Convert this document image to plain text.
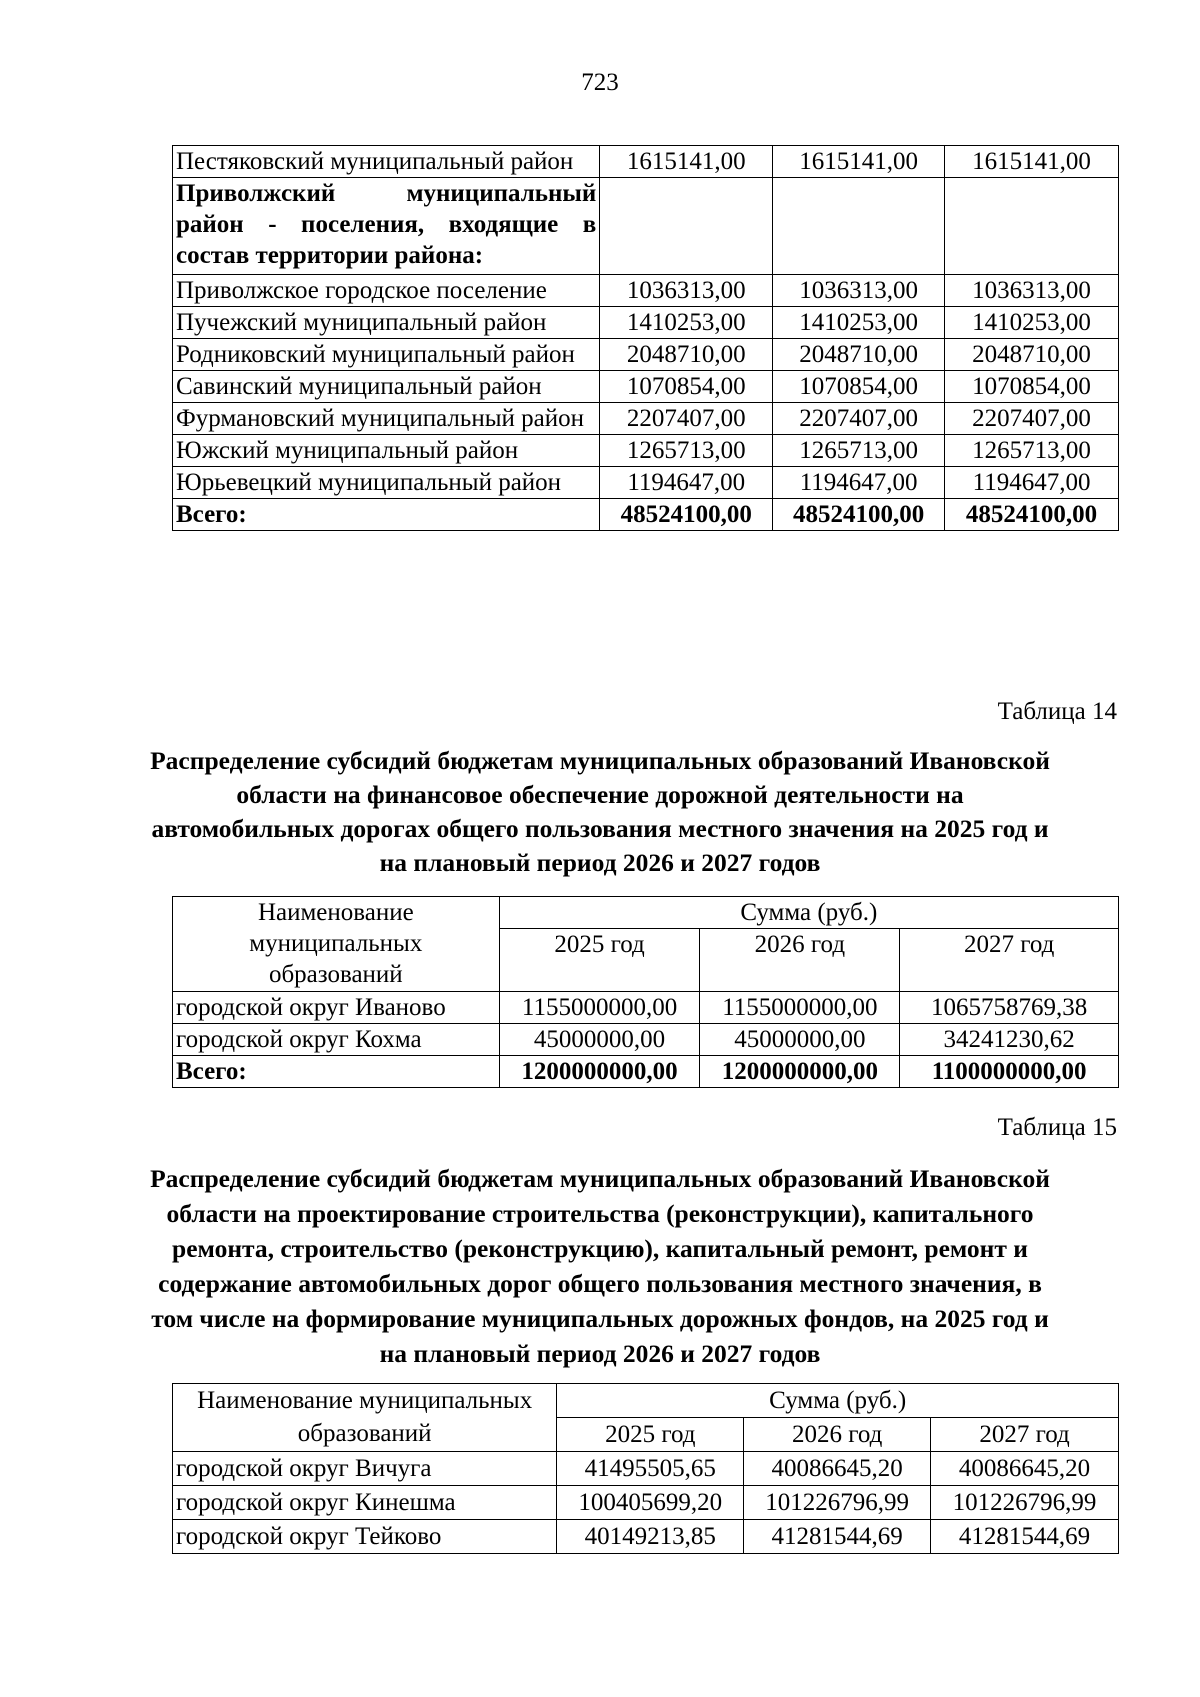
723
Пестяковский муниципальный район	1615141,00	1615141,00	1615141,00
Приволжский муниципальный район - поселения, входящие в состав территории района:			
Приволжское городское поселение	1036313,00	1036313,00	1036313,00
Пучежский муниципальный район	1410253,00	1410253,00	1410253,00
Родниковский муниципальный район	2048710,00	2048710,00	2048710,00
Савинский муниципальный район	1070854,00	1070854,00	1070854,00
Фурмановский муниципальный район	2207407,00	2207407,00	2207407,00
Южский муниципальный район	1265713,00	1265713,00	1265713,00
Юрьевецкий муниципальный район	1194647,00	1194647,00	1194647,00
Всего:	48524100,00	48524100,00	48524100,00
Таблица 14
Распределение субсидий бюджетам муниципальных образований Ивановской области на финансовое обеспечение дорожной деятельности на автомобильных дорогах общего пользования местного значения на 2025 год и на плановый период 2026 и 2027 годов
Наименование муниципальных образований	Сумма (руб.)		
	2025 год	2026 год	2027 год
городской округ Иваново	1155000000,00	1155000000,00	1065758769,38
городской округ Кохма	45000000,00	45000000,00	34241230,62
Всего:	1200000000,00	1200000000,00	1100000000,00
Таблица 15
Распределение субсидий бюджетам муниципальных образований Ивановской области на проектирование строительства (реконструкции), капитального ремонта, строительство (реконструкцию), капитальный ремонт, ремонт и содержание автомобильных дорог общего пользования местного значения, в том числе на формирование муниципальных дорожных фондов, на 2025 год и на плановый период 2026 и 2027 годов
Наименование муниципальных образований	Сумма (руб.)		
	2025 год	2026 год	2027 год
городской округ Вичуга	41495505,65	40086645,20	40086645,20
городской округ Кинешма	100405699,20	101226796,99	101226796,99
городской округ Тейково	40149213,85	41281544,69	41281544,69
